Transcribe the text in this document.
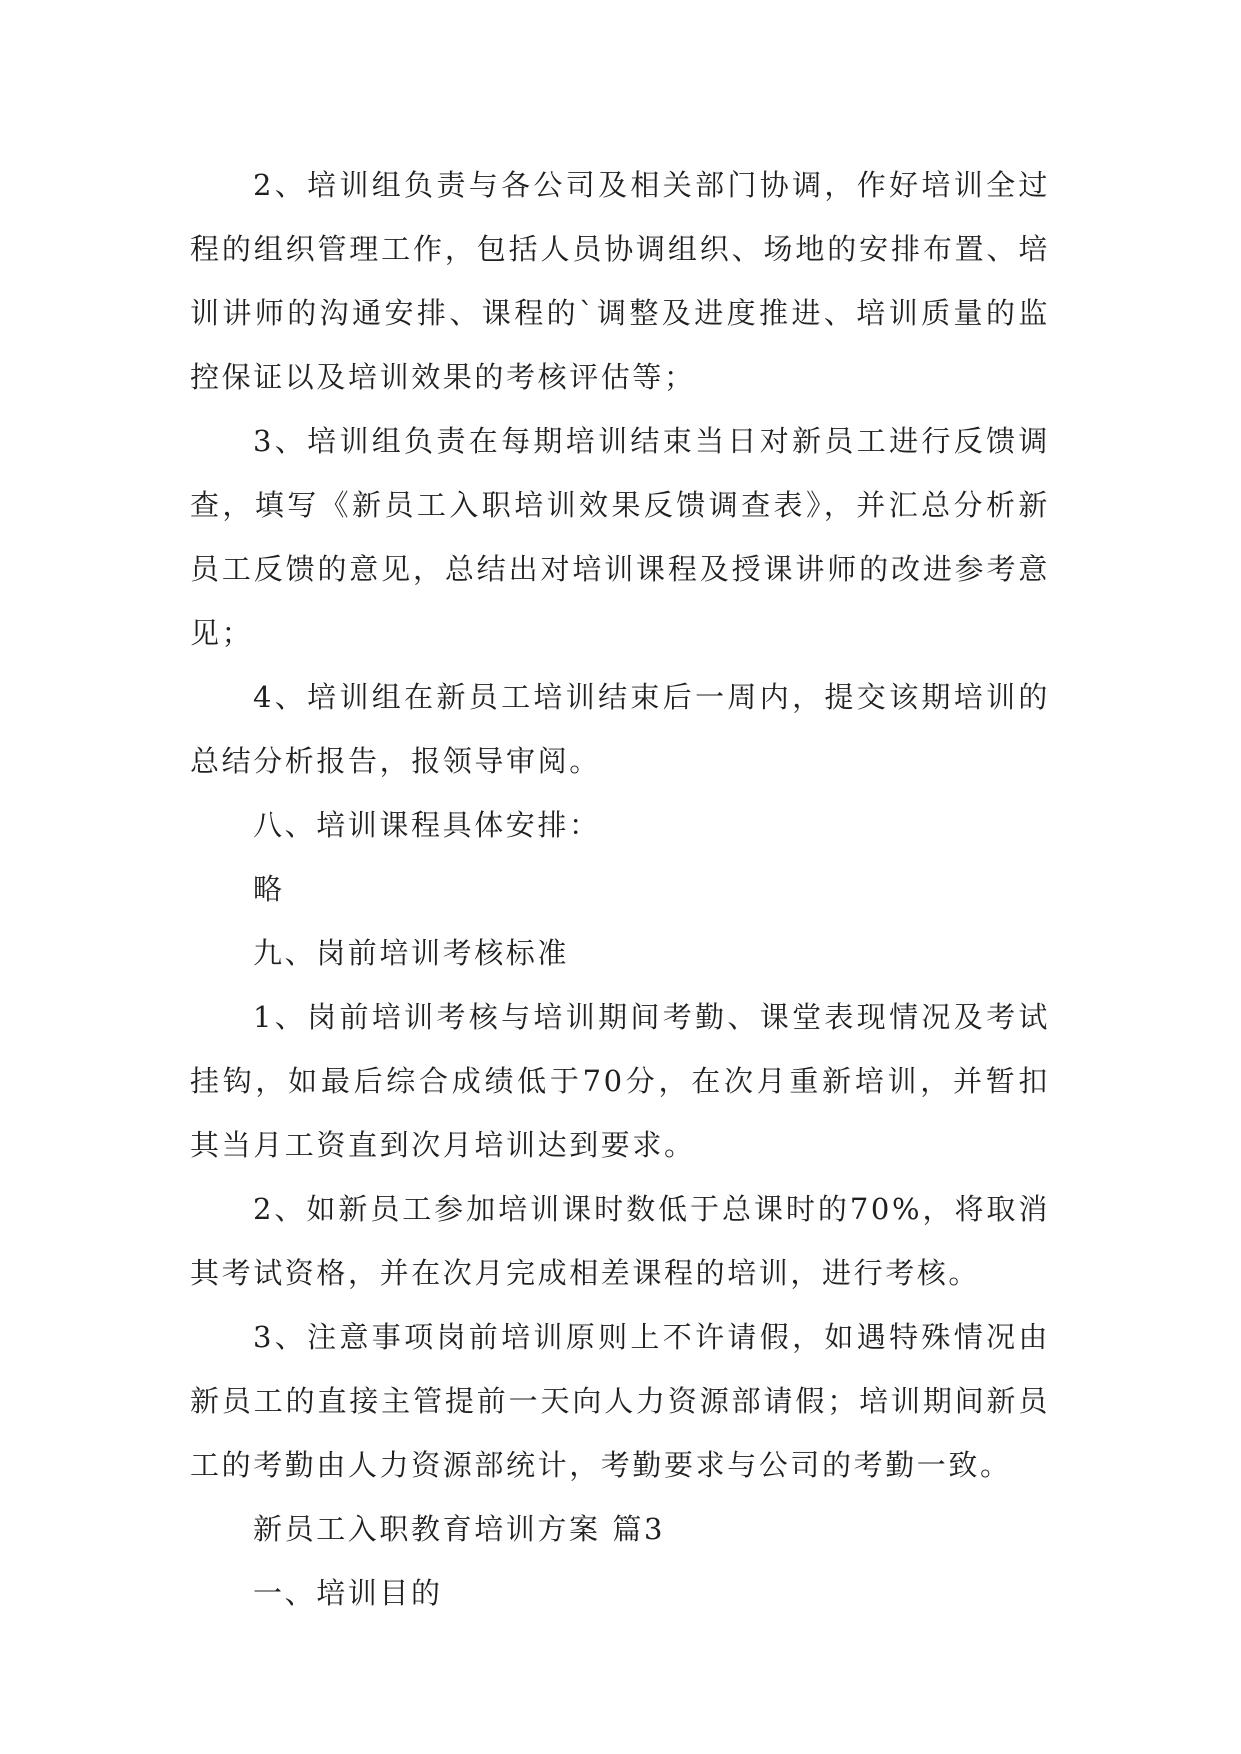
2、培训组负责与各公司及相关部门协调，作好培训全过程的组织管理工作，包括人员协调组织、场地的安排布置、培训讲师的沟通安排、课程的`调整及进度推进、培训质量的监控保证以及培训效果的考核评估等；

3、培训组负责在每期培训结束当日对新员工进行反馈调查，填写《新员工入职培训效果反馈调查表》，并汇总分析新员工反馈的意见，总结出对培训课程及授课讲师的改进参考意见；

4、培训组在新员工培训结束后一周内，提交该期培训的总结分析报告，报领导审阅。

八、培训课程具体安排：

略

九、岗前培训考核标准

1、岗前培训考核与培训期间考勤、课堂表现情况及考试挂钩，如最后综合成绩低于70分，在次月重新培训，并暂扣其当月工资直到次月培训达到要求。

2、如新员工参加培训课时数低于总课时的70%，将取消其考试资格，并在次月完成相差课程的培训，进行考核。

3、注意事项岗前培训原则上不许请假，如遇特殊情况由新员工的直接主管提前一天向人力资源部请假；培训期间新员工的考勤由人力资源部统计，考勤要求与公司的考勤一致。

新员工入职教育培训方案 篇3

一、培训目的
